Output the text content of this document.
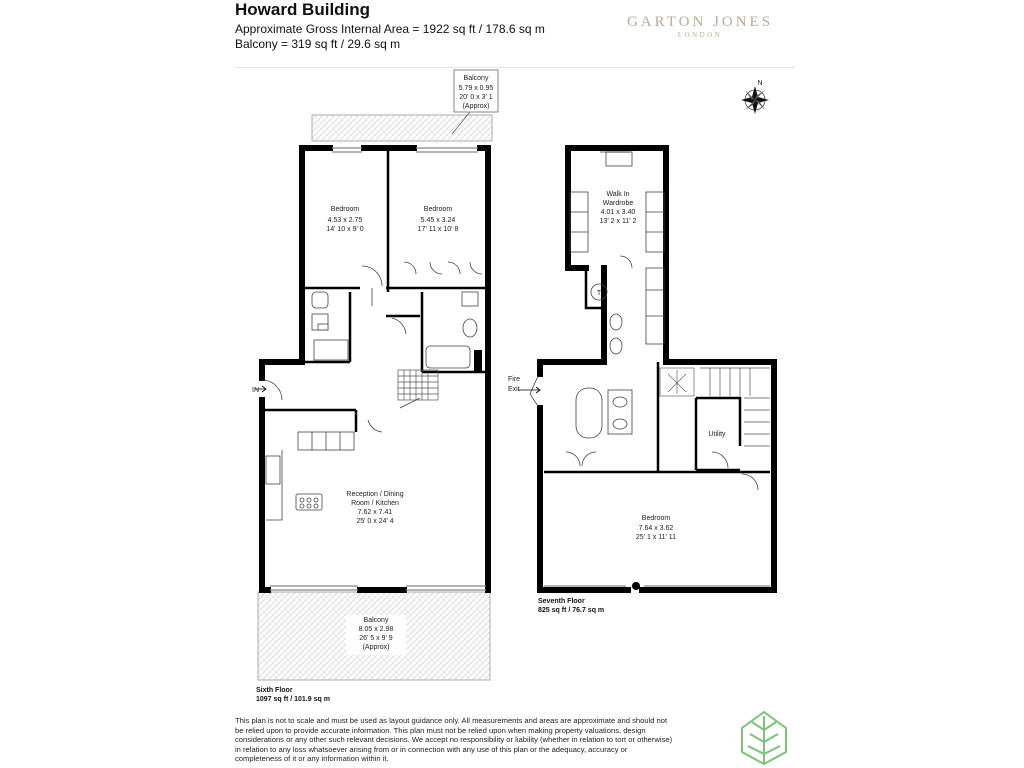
Howard Building
Approximate Gross Internal Area = 1922 sq ft / 178.6 sq m
Balcony = 319 sq ft / 29.6 sq m
GARTON JONES
LONDON
N
Balcony
5.79 x 0.95
20' 0 x 3' 1
(Approx)
Bedroom
4.53 x 2.75
14' 10 x 9' 0
Bedroom
5.45 x 3.24
17' 11 x 10' 8
IN
Reception / Dining
Room / Kitchen
7.62 x 7.41
25' 0 x 24' 4
Balcony
8.05 x 2.98
26' 5 x 9' 9
(Approx)
Walk In
Wardrobe
4.01 x 3.40
13' 2 x 11' 2
T
Fire
Exit
Utility
Bedroom
7.64 x 3.62
25' 1 x 11' 11
Sixth Floor
1097 sq ft / 101.9 sq m
Seventh Floor
825 sq ft / 76.7 sq m
This plan is not to scale and must be used as layout guidance only. All measurements and areas are approximate and should not be relied upon to provide accurate information. This plan must not be relied upon when making property valuations, design considerations or any other such relevant decisions. We accept no responsibility or liability (whether in relation to tort or otherwise) in relation to any loss whatsoever arising from or in connection with any use of this plan or the adequacy, accuracy or completeness of it or any information within it.
